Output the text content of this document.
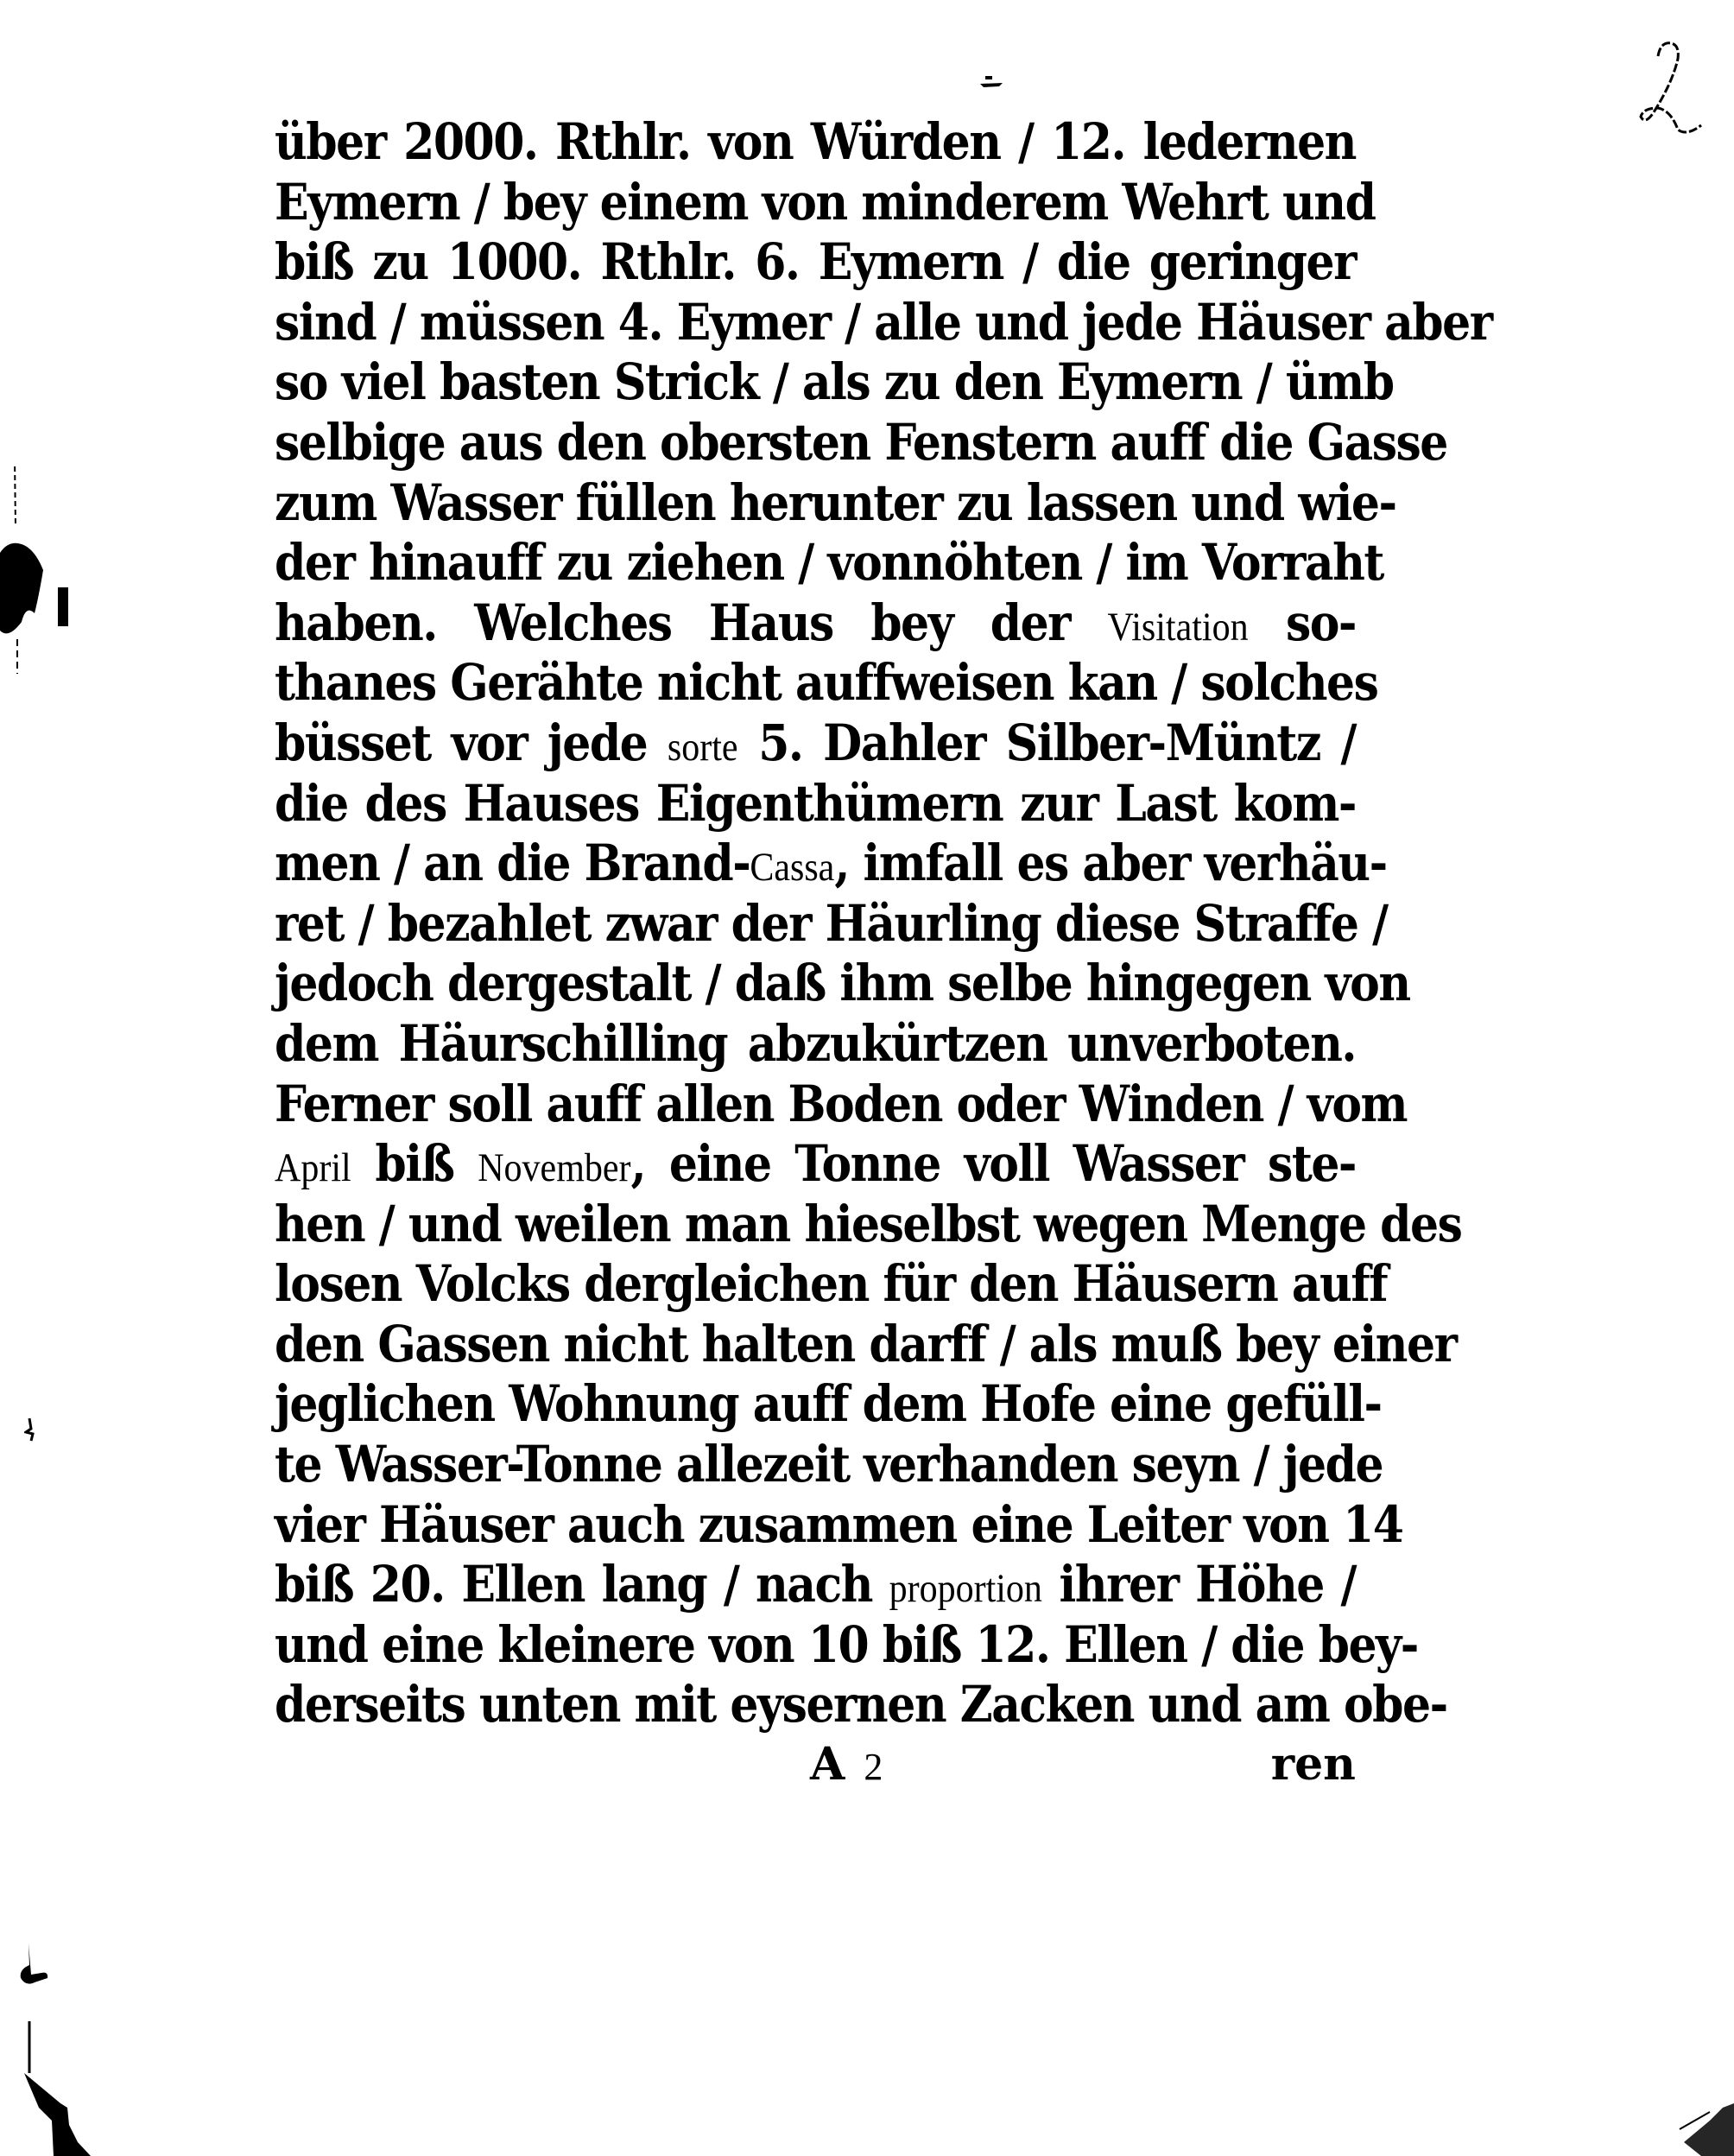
über 2000. Rthlr. von Würden / 12. ledernen
Eymern / bey einem von minderem Wehrt und
biß zu 1000. Rthlr. 6. Eymern / die geringer
sind / müssen 4. Eymer / alle und jede Häuser aber
so viel basten Strick / als zu den Eymern / ümb
selbige aus den obersten Fenstern auff die Gasse
zum Wasser füllen herunter zu lassen und wie-
der hinauff zu ziehen / vonnöhten / im Vorraht
haben. Welches Haus bey der Visitation so-
thanes Gerähte nicht auffweisen kan / solches
büsset vor jede sorte 5. Dahler Silber-Müntz /
die des Hauses Eigenthümern zur Last kom-
men / an die Brand-Cassa, imfall es aber verhäu-
ret / bezahlet zwar der Häurling diese Straffe /
jedoch dergestalt / daß ihm selbe hingegen von
dem Häurschilling abzukürtzen unverboten.
Ferner soll auff allen Boden oder Winden / vom
April biß November, eine Tonne voll Wasser ste-
hen / und weilen man hieselbst wegen Menge des
losen Volcks dergleichen für den Häusern auff
den Gassen nicht halten darff / als muß bey einer
jeglichen Wohnung auff dem Hofe eine gefüll-
te Wasser-Tonne allezeit verhanden seyn / jede
vier Häuser auch zusammen eine Leiter von 14
biß 20. Ellen lang / nach proportion ihrer Höhe /
und eine kleinere von 10 biß 12. Ellen / die bey-
derseits unten mit eysernen Zacken und am obe-
A 2	ren
